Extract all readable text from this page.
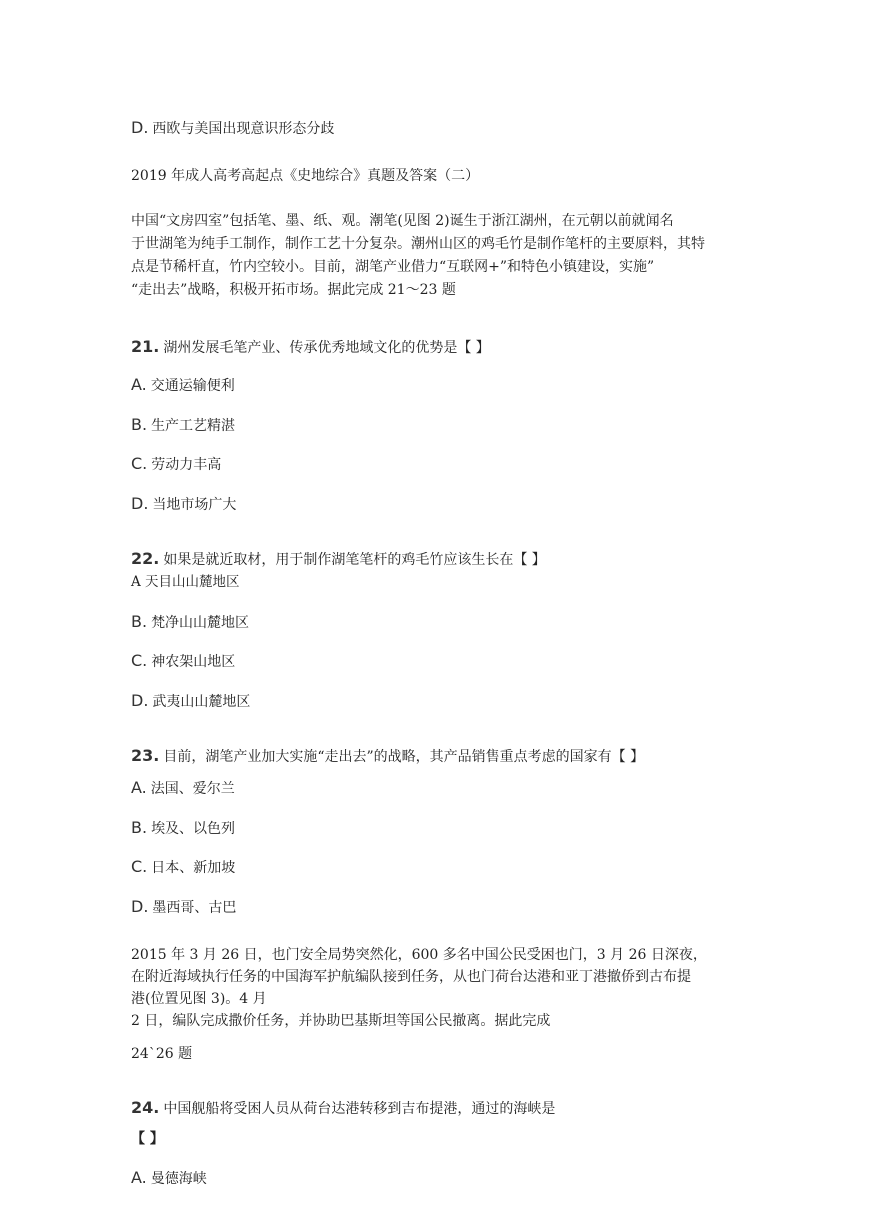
D. 西欧与美国出现意识形态分歧
2019 年成人高考高起点《史地综合》真题及答案（二）
中国“文房四室”包括笔、墨、纸、观。潮笔(见图 2)诞生于浙江湖州，在元朝以前就闻名
于世湖笔为纯手工制作，制作工艺十分复杂。潮州山区的鸡毛竹是制作笔杆的主要原料，其特
点是节稀杆直，竹内空较小。目前，湖笔产业借力“互联网+”和特色小镇建设，实施”
“走出去”战略，积极开拓市场。据此完成 21～23 题
21. 湖州发展毛笔产业、传承优秀地域文化的优势是【 】
A. 交通运输便利
B. 生产工艺精湛
C. 劳动力丰高
D. 当地市场广大
22. 如果是就近取材，用于制作湖笔笔杆的鸡毛竹应该生长在【 】
A 天目山山麓地区
B. 梵净山山麓地区
C. 神农架山地区
D. 武夷山山麓地区
23. 目前，湖笔产业加大实施“走出去”的战略，其产品销售重点考虑的国家有【 】
A. 法国、爱尔兰
B. 埃及、以色列
C. 日本、新加坡
D. 墨西哥、古巴
2015 年 3 月 26 日，也门安全局势突然化，600 多名中国公民受困也门，3 月 26 日深夜，
在附近海域执行任务的中国海军护航编队接到任务，从也门荷台达港和亚丁港撤侨到古布提
港(位置见图 3)。4 月
2 日，编队完成撒价任务，并协助巴基斯坦等国公民撤离。据此完成
24`26 题
24. 中国舰船将受困人员从荷台达港转移到吉布提港，通过的海峡是
【 】
A. 曼德海峡
